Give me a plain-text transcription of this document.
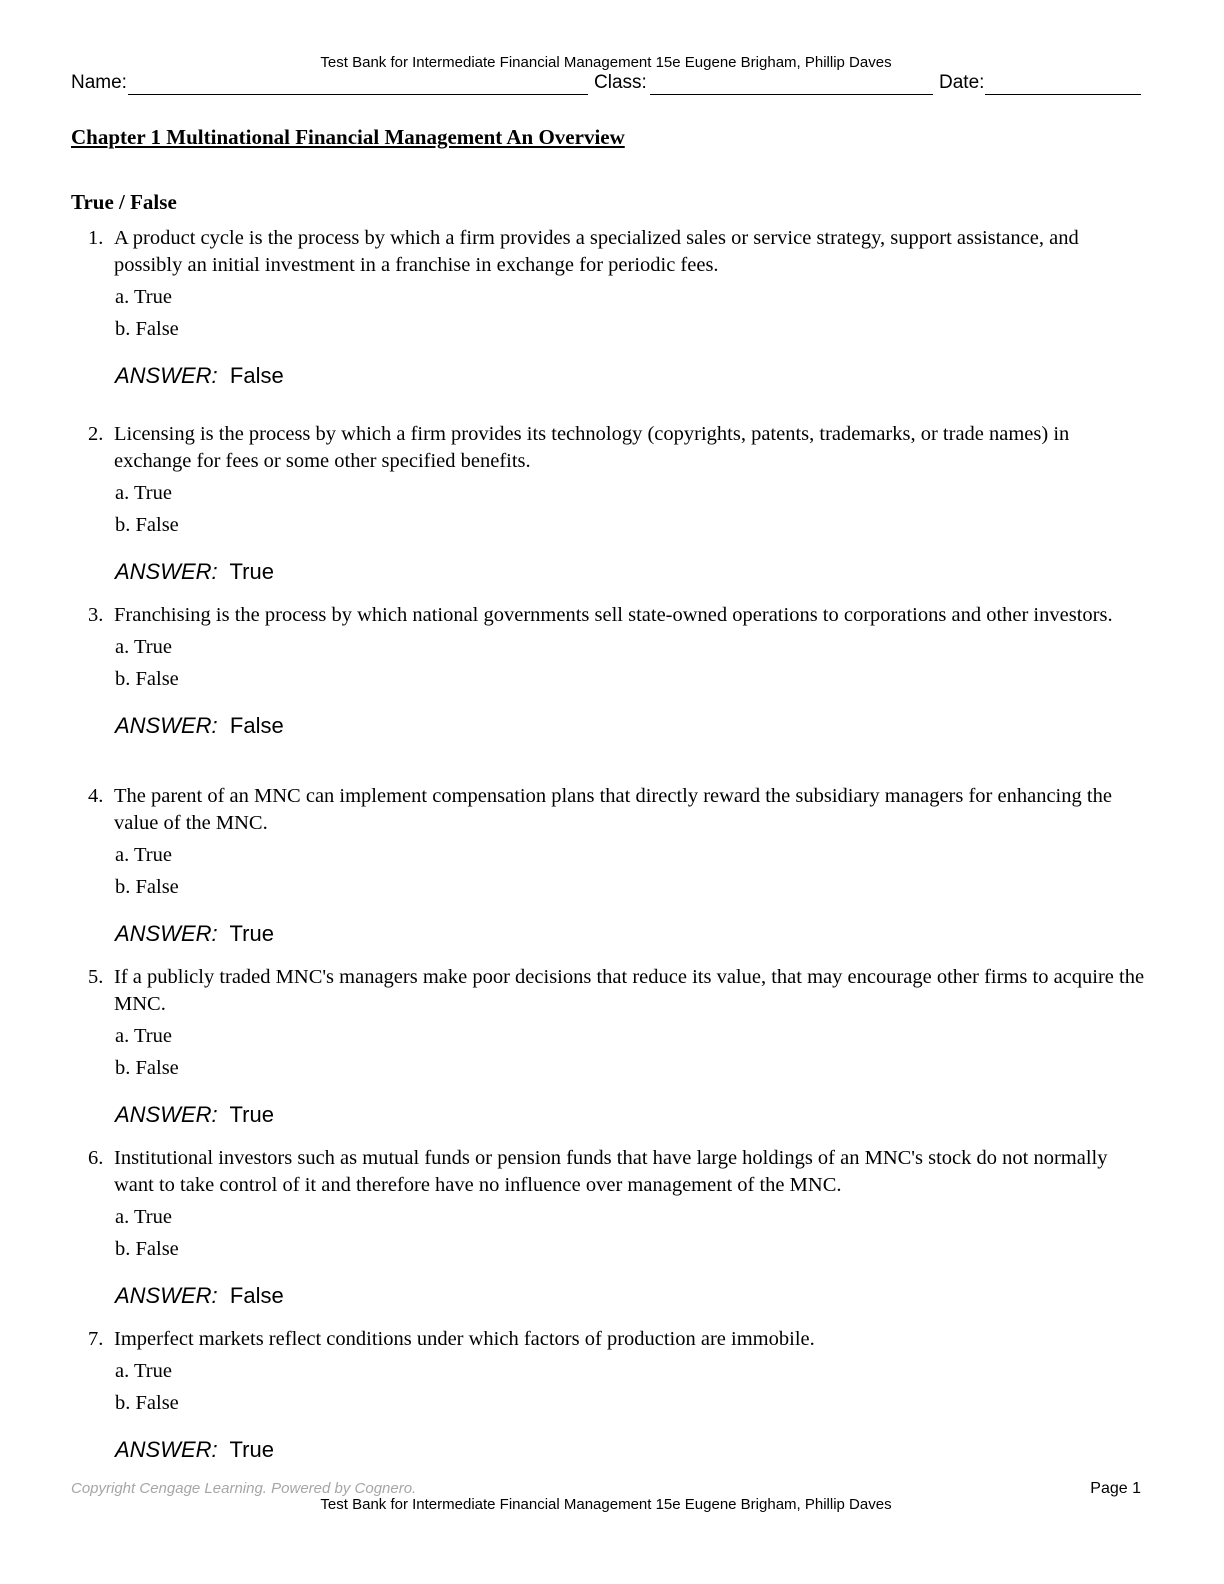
Test Bank for Intermediate Financial Management 15e Eugene Brigham, Phillip Daves
Name:	Class:	Date:
Chapter 1 Multinational Financial Management An Overview
True / False
1. A product cycle is the process by which a firm provides a specialized sales or service strategy, support assistance, and possibly an initial investment in a franchise in exchange for periodic fees.
a. True
b. False
ANSWER: False
2. Licensing is the process by which a firm provides its technology (copyrights, patents, trademarks, or trade names) in exchange for fees or some other specified benefits.
a. True
b. False
ANSWER: True
3. Franchising is the process by which national governments sell state-owned operations to corporations and other investors.
a. True
b. False
ANSWER: False
4. The parent of an MNC can implement compensation plans that directly reward the subsidiary managers for enhancing the value of the MNC.
a. True
b. False
ANSWER: True
5. If a publicly traded MNC's managers make poor decisions that reduce its value, that may encourage other firms to acquire the MNC.
a. True
b. False
ANSWER: True
6. Institutional investors such as mutual funds or pension funds that have large holdings of an MNC's stock do not normally want to take control of it and therefore have no influence over management of the MNC.
a. True
b. False
ANSWER: False
7. Imperfect markets reflect conditions under which factors of production are immobile.
a. True
b. False
ANSWER: True
Copyright Cengage Learning. Powered by Cognero.	Page 1
Test Bank for Intermediate Financial Management 15e Eugene Brigham, Phillip Daves
